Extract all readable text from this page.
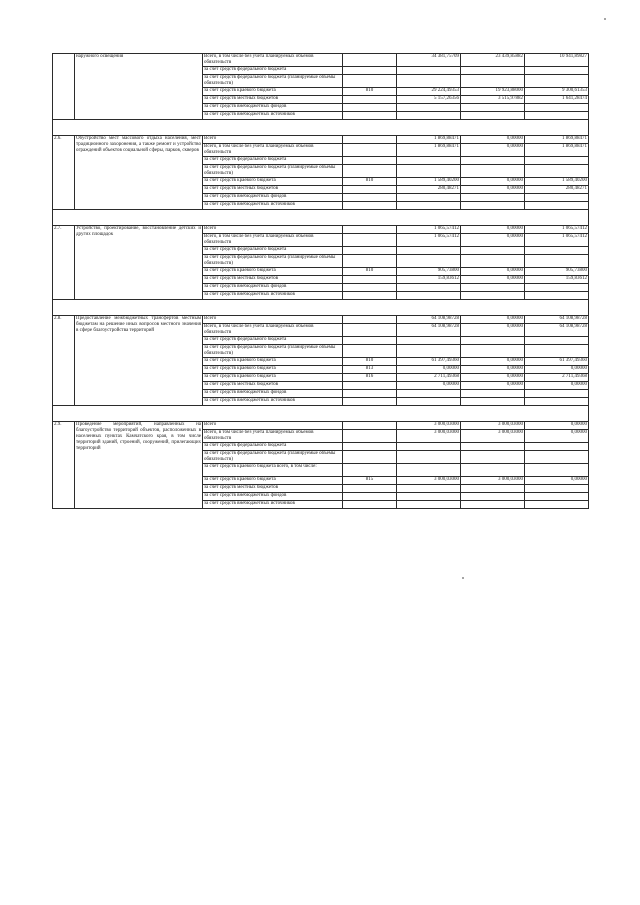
	наружного освещения	Всего, в том числе без учета планируемых объемов обязательств		34 381,75709	23 439,85882	10 941,89827
		за счет средств федерального бюджета				
		за счет средств федерального бюджета (планируемые объемы обязательств)				
		за счет средств краевого бюджета	810	29 224,49353	19 923,88000	9 300,61353
		за счет средств местных бюджетов		5 157,26356	3 515,97882	1 641,28474
		за счет средств внебюджетных фондов				
		за счет средств внебюджетных источников				

2.6.	Обустройство мест массового отдыха населения, мест традиционного захоронения, а также ремонт и устройство ограждений объектов социальной сферы, парков, скверов	Всего		1 869,88471	0,00000	1 869,88471
		Всего, в том числе без учета планируемых объемов обязательств		1 869,88471	0,00000	1 869,88471
		за счет средств федерального бюджета				
		за счет средств федерального бюджета (планируемые объемы обязательств)				
		за счет средств краевого бюджета	810	1 589,40200	0,00000	1 589,40200
		за счет средств местных бюджетов		280,48271	0,00000	280,48271
		за счет средств внебюджетных фондов				
		за счет средств внебюджетных источников				

2.7.	Устройство, проектирование, восстановление детских и других площадок	Всего		1 065,57412	0,00000	1 065,57412
		Всего, в том числе без учета планируемых объемов обязательств		1 065,57412	0,00000	1 065,57412
		за счет средств федерального бюджета				
		за счет средств федерального бюджета (планируемые объемы обязательств)				
		за счет средств краевого бюджета	810	905,73800	0,00000	905,73800
		за счет средств местных бюджетов		159,83612	0,00000	159,83612
		за счет средств внебюджетных фондов				
		за счет средств внебюджетных источников				

2.8.	Предоставление межбюджетных трансфертов местным бюджетам на решение иных вопросов местного значения в сфере благоустройства территорий	Всего		64 108,98728	0,00000	64 108,98728
		Всего, в том числе без учета планируемых объемов обязательств		64 108,98728	0,00000	64 108,98728
		за счет средств федерального бюджета				
		за счет средств федерального бюджета (планируемые объемы обязательств)				
		за счет средств краевого бюджета	810	61 397,49360	0,00000	61 397,49360
		за счет средств краевого бюджета	813	0,00000	0,00000	0,00000
		за счет средств краевого бюджета	816	2 711,49368	0,00000	2 711,49368
		за счет средств местных бюджетов		0,00000	0,00000	0,00000
		за счет средств внебюджетных фондов				
		за счет средств внебюджетных источников				

2.9.	Проведение мероприятий, направленных на благоустройство территорий объектов, расположенных в населенных пунктах Камчатского края, в том числе территорий зданий, строений, сооружений, прилегающих территорий	Всего		3 000,03000	3 000,03000	0,00000
		Всего, в том числе без учета планируемых объемов обязательств		3 000,03000	3 000,03000	0,00000
		за счет средств федерального бюджета				
		за счет средств федерального бюджета (планируемые объемы обязательств)				
		за счет средств краевого бюджета всего, в том числе:				
		за счет средств краевого бюджета	815	3 000,03000	3 000,03000	0,00000
		за счет средств местных бюджетов				
		за счет средств внебюджетных фондов				
		за счет средств внебюджетных источников				
